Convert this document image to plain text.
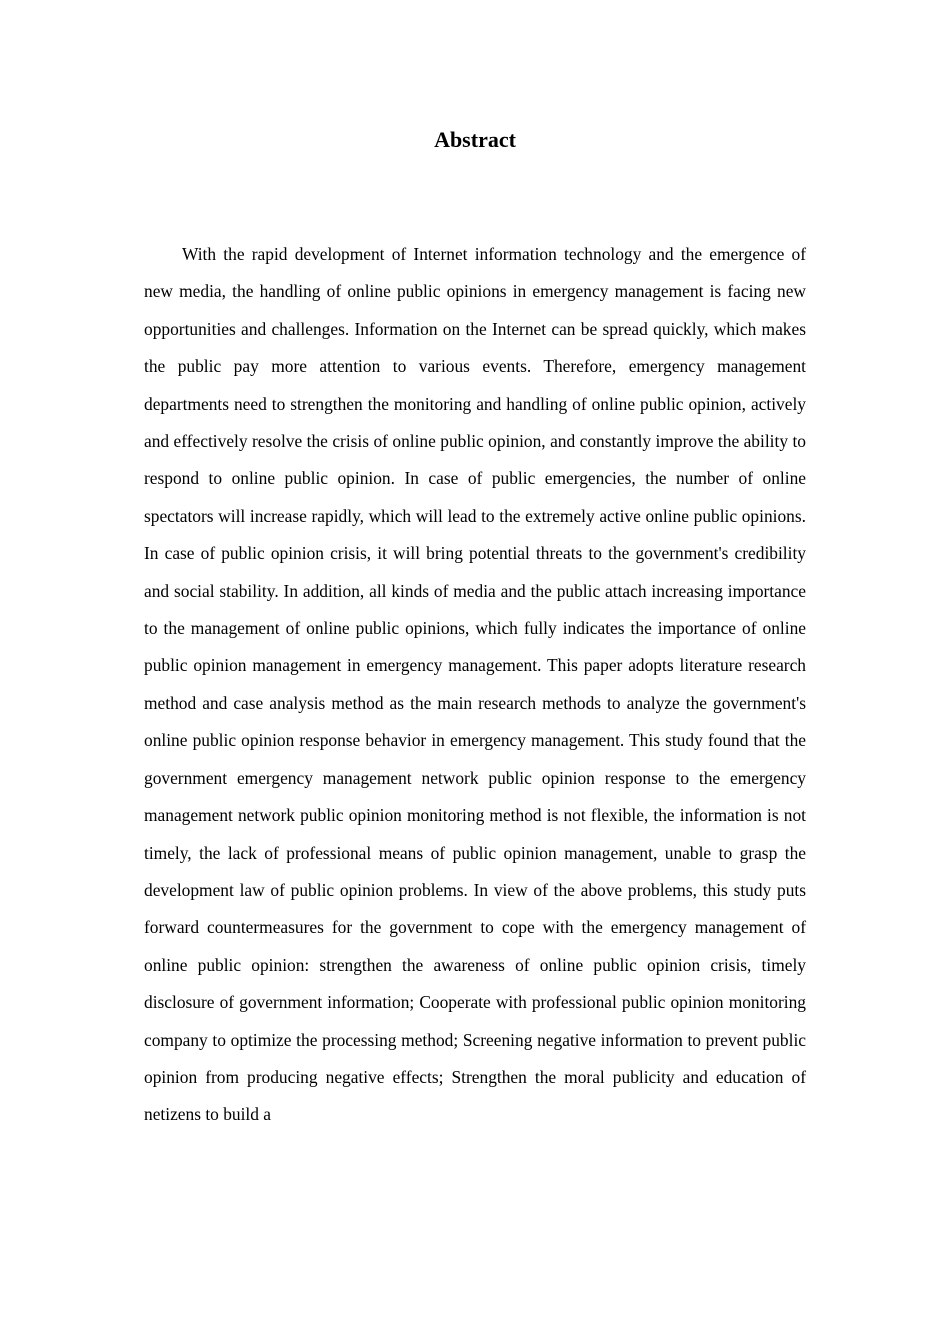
Abstract

With the rapid development of Internet information technology and the emergence of new media, the handling of online public opinions in emergency management is facing new opportunities and challenges. Information on the Internet can be spread quickly, which makes the public pay more attention to various events. Therefore, emergency management departments need to strengthen the monitoring and handling of online public opinion, actively and effectively resolve the crisis of online public opinion, and constantly improve the ability to respond to online public opinion. In case of public emergencies, the number of online spectators will increase rapidly, which will lead to the extremely active online public opinions. In case of public opinion crisis, it will bring potential threats to the government's credibility and social stability. In addition, all kinds of media and the public attach increasing importance to the management of online public opinions, which fully indicates the importance of online public opinion management in emergency management. This paper adopts literature research method and case analysis method as the main research methods to analyze the government's online public opinion response behavior in emergency management. This study found that the government emergency management network public opinion response to the emergency management network public opinion monitoring method is not flexible, the information is not timely, the lack of professional means of public opinion management, unable to grasp the development law of public opinion problems. In view of the above problems, this study puts forward countermeasures for the government to cope with the emergency management of online public opinion: strengthen the awareness of online public opinion crisis, timely disclosure of government information; Cooperate with professional public opinion monitoring company to optimize the processing method; Screening negative information to prevent public opinion from producing negative effects; Strengthen the moral publicity and education of netizens to build a
